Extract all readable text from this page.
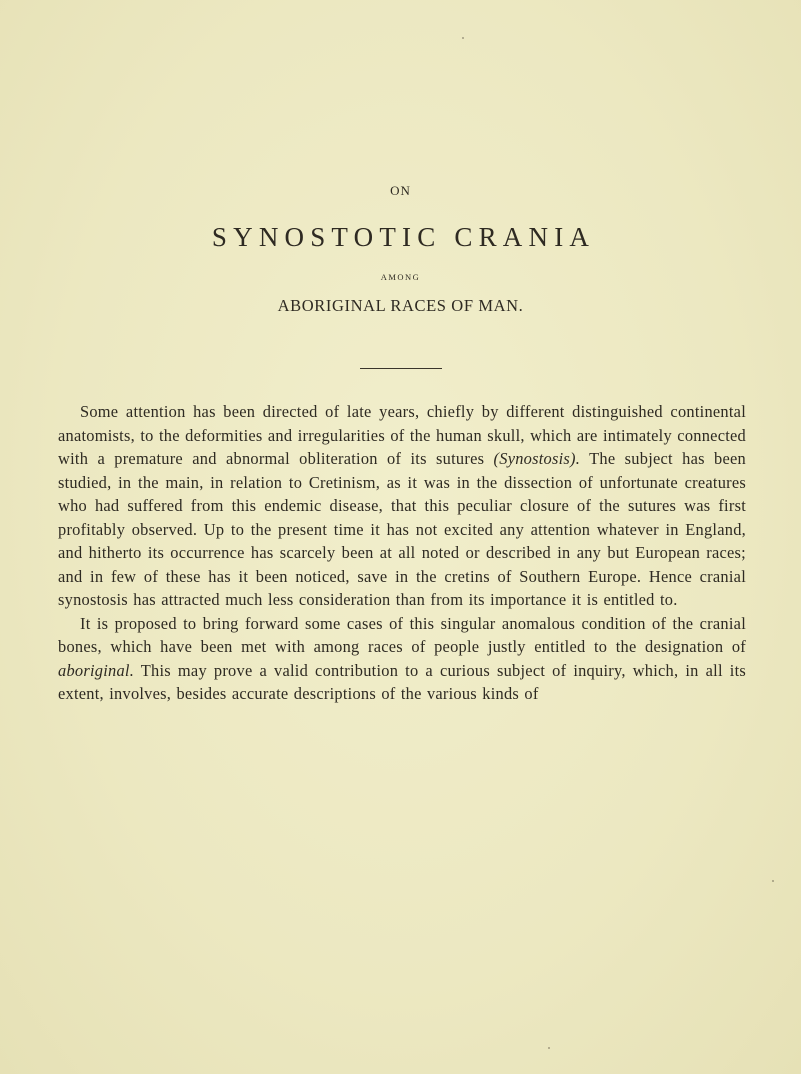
ON
SYNOSTOTIC CRANIA
AMONG
ABORIGINAL RACES OF MAN.

Some attention has been directed of late years, chiefly by different distinguished continental anatomists, to the deformities and irregularities of the human skull, which are intimately connected with a premature and abnormal obliteration of its sutures (Synostosis). The subject has been studied, in the main, in relation to Cretinism, as it was in the dissection of unfortunate creatures who had suffered from this endemic disease, that this peculiar closure of the sutures was first profitably observed. Up to the present time it has not excited any attention whatever in England, and hitherto its occurrence has scarcely been at all noted or described in any but European races; and in few of these has it been noticed, save in the cretins of Southern Europe. Hence cranial synostosis has attracted much less consideration than from its importance it is entitled to.

It is proposed to bring forward some cases of this singular anomalous condition of the cranial bones, which have been met with among races of people justly entitled to the designation of aboriginal. This may prove a valid contribution to a curious subject of inquiry, which, in all its extent, involves, besides accurate descriptions of the various kinds of
